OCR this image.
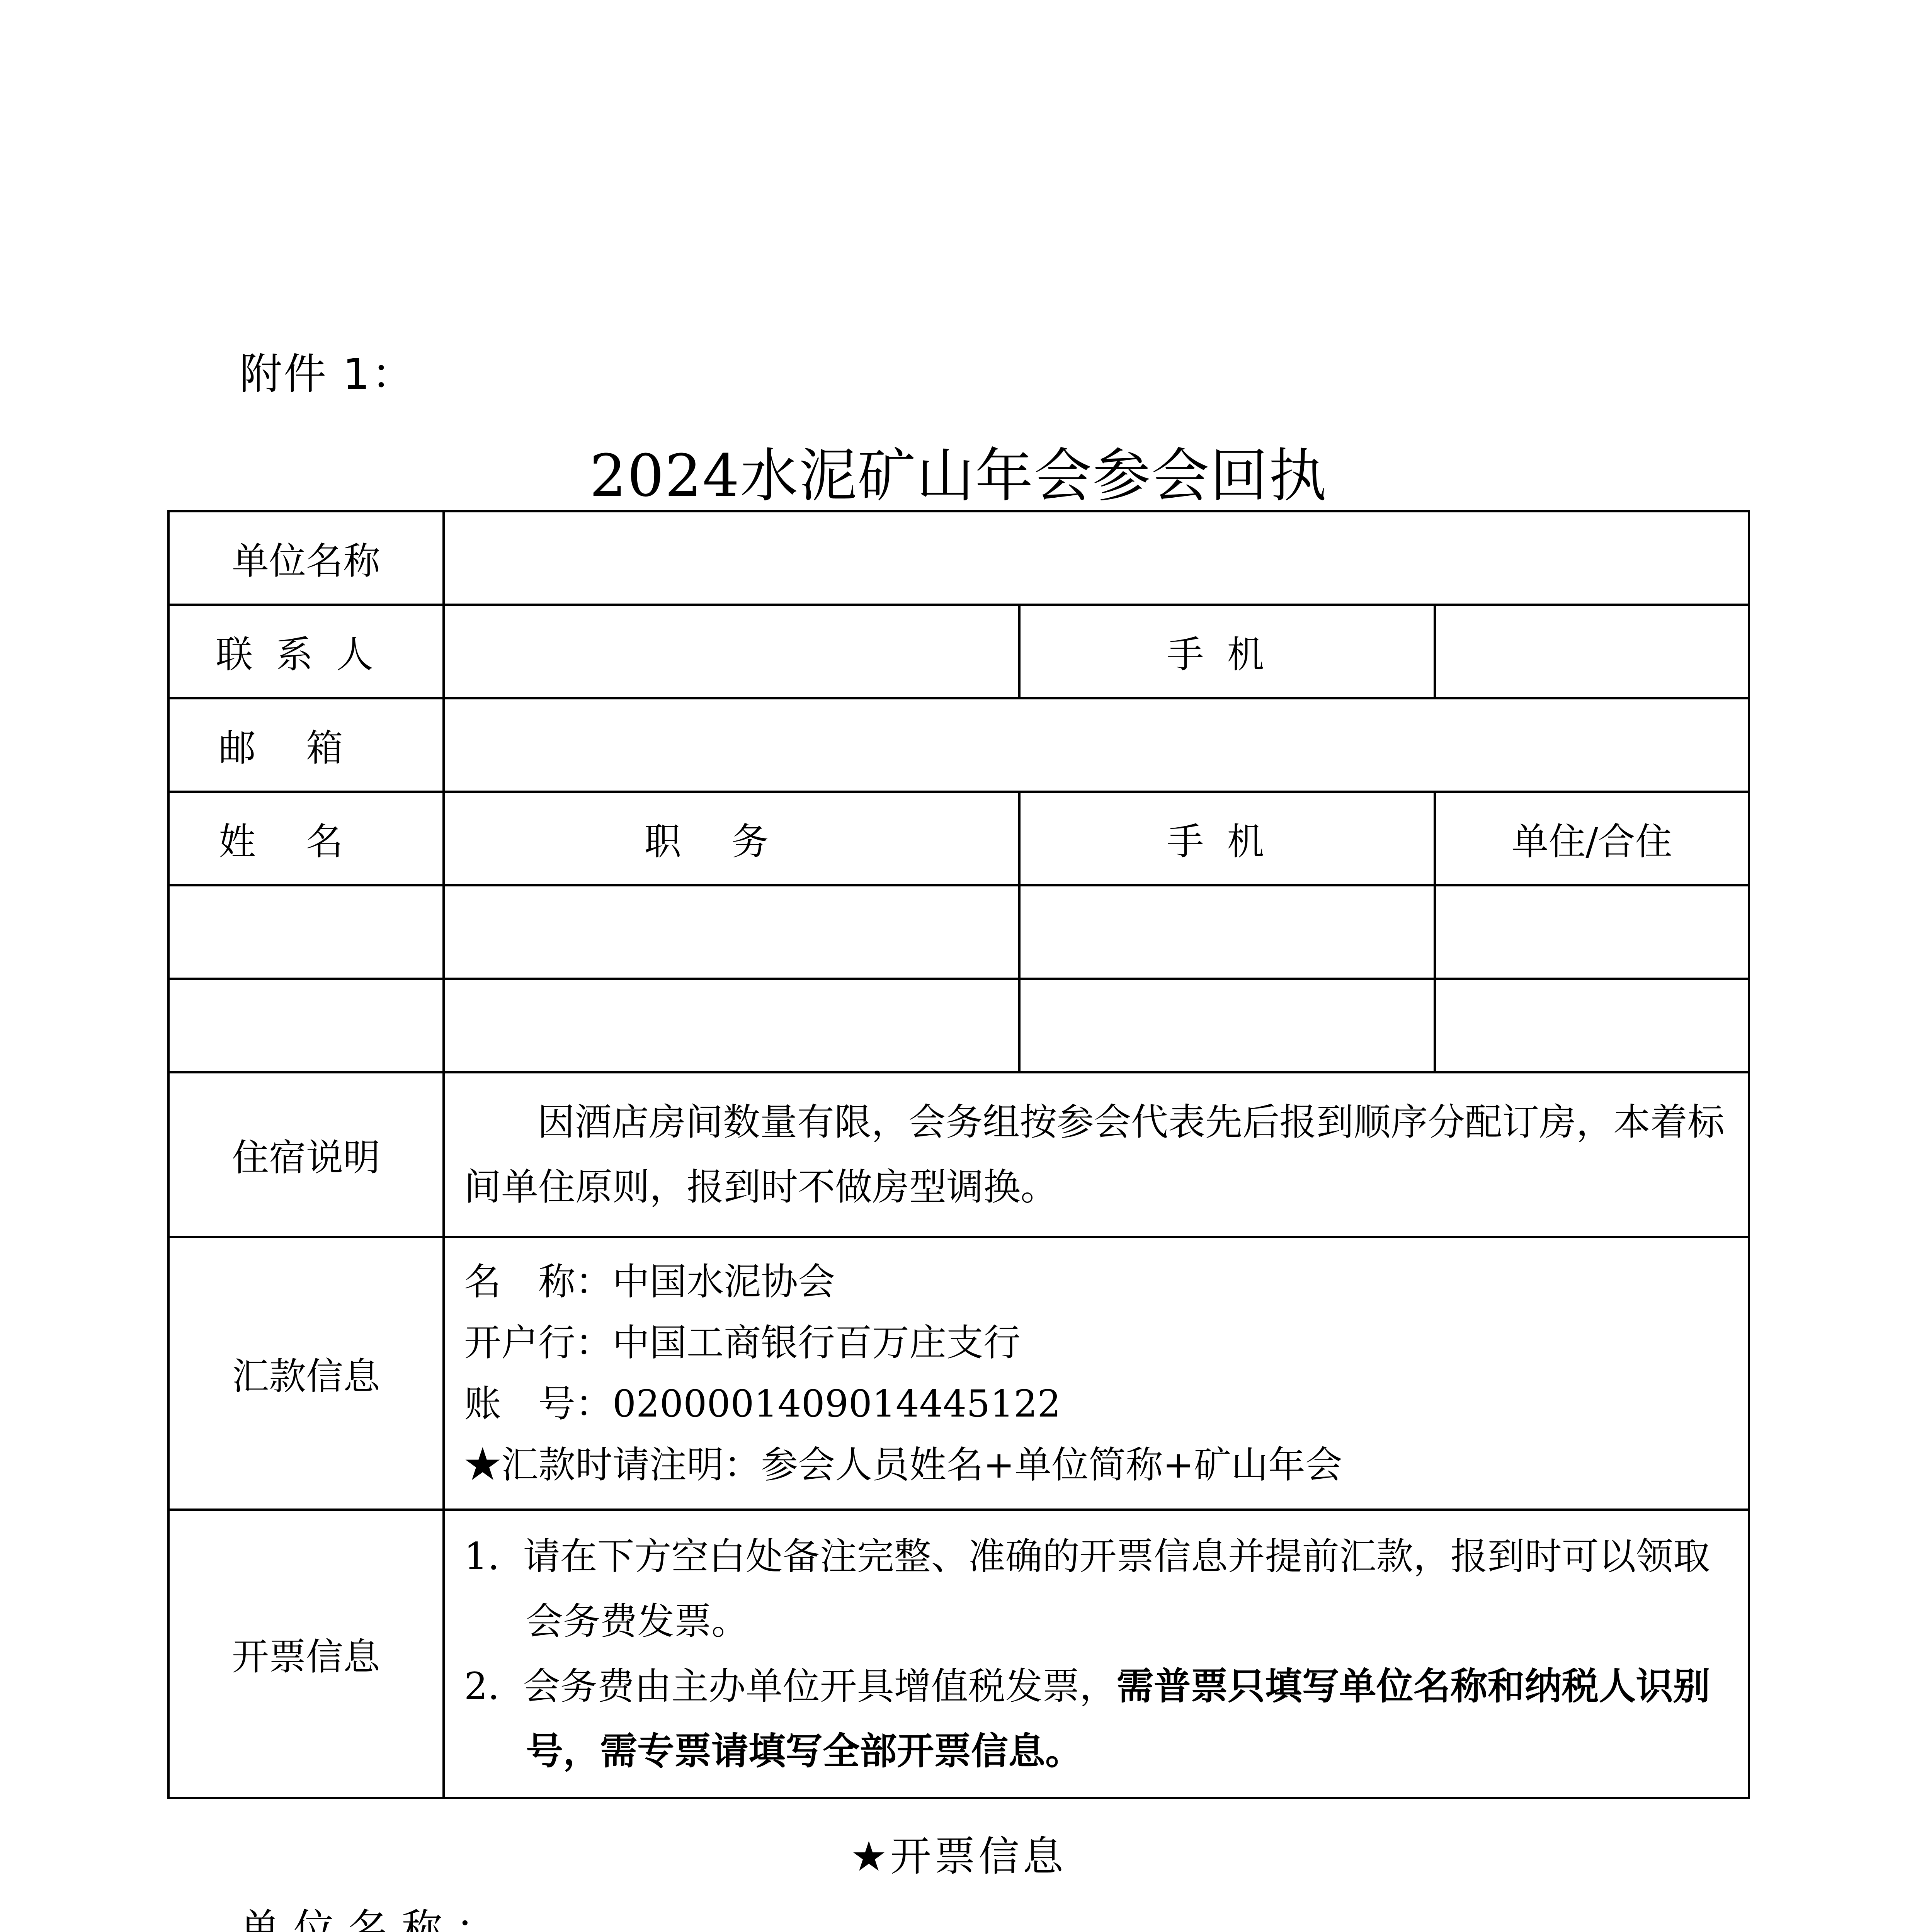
附件 1：
2024水泥矿山年会参会回执
单位名称	
联系人		手机	
邮箱	
姓名	职务	手机	单住/合住

住宿说明	因酒店房间数量有限，会务组按参会代表先后报到顺序分配订房，本着标间单住原则，报到时不做房型调换。
汇款信息	
名　称：中国水泥协会
开户行：中国工商银行百万庄支行
账　号：0200001409014445122
★汇款时请注明：参会人员姓名+单位简称+矿山年会

开票信息	
1. 请在下方空白处备注完整、准确的开票信息并提前汇款，报到时可以领取会务费发票。
2. 会务费由主办单位开具增值税发票，需普票只填写单位名称和纳税人识别号，需专票请填写全部开票信息。
★开票信息
单 位 名 称 ：
